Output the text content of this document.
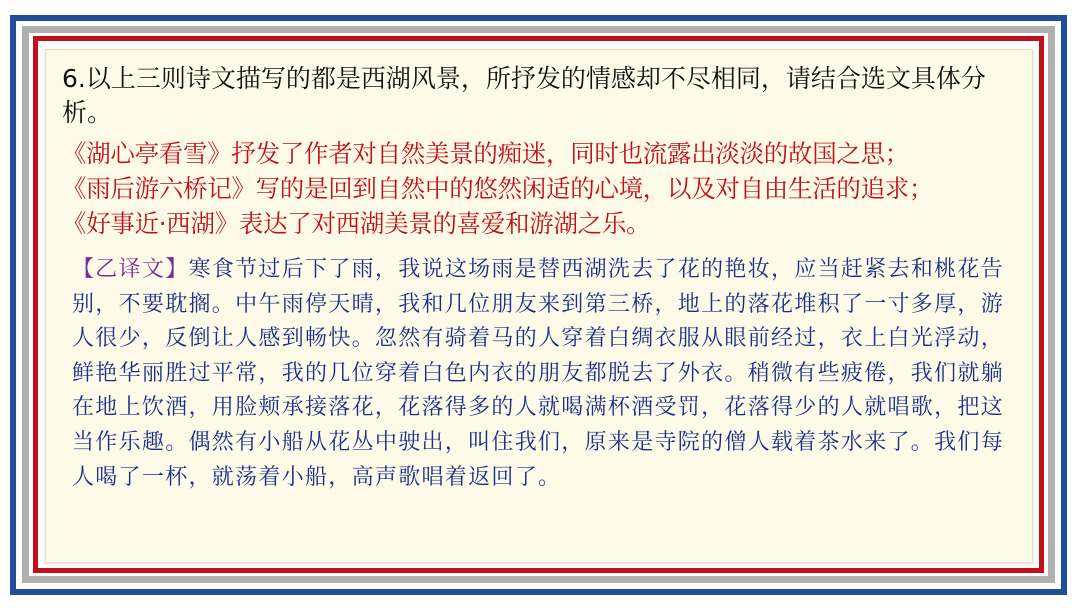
6.以上三则诗文描写的都是西湖风景，所抒发的情感却不尽相同，请结合选文具体分析。

《湖心亭看雪》抒发了作者对自然美景的痴迷，同时也流露出淡淡的故国之思；
《雨后游六桥记》写的是回到自然中的悠然闲适的心境，以及对自由生活的追求；
《好事近·西湖》表达了对西湖美景的喜爱和游湖之乐。

【乙译文】寒食节过后下了雨，我说这场雨是替西湖洗去了花的艳妆，应当赶紧去和桃花告别，不要耽搁。中午雨停天晴，我和几位朋友来到第三桥，地上的落花堆积了一寸多厚，游人很少，反倒让人感到畅快。忽然有骑着马的人穿着白绸衣服从眼前经过，衣上白光浮动，鲜艳华丽胜过平常，我的几位穿着白色内衣的朋友都脱去了外衣。稍微有些疲倦，我们就躺在地上饮酒，用脸颊承接落花，花落得多的人就喝满杯酒受罚，花落得少的人就唱歌，把这当作乐趣。偶然有小船从花丛中驶出，叫住我们，原来是寺院的僧人载着茶水来了。我们每人喝了一杯，就荡着小船，高声歌唱着返回了。
